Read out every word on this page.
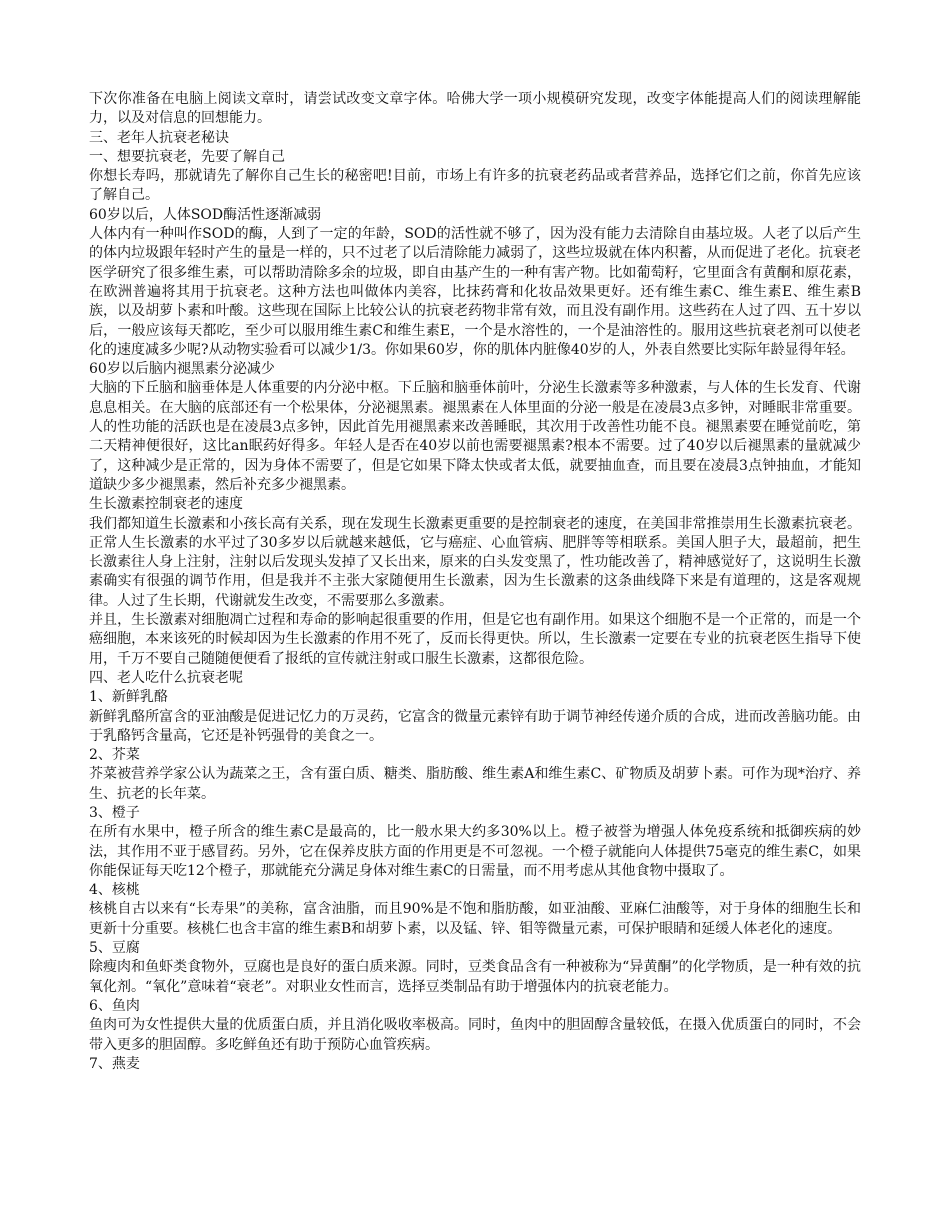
下次你准备在电脑上阅读文章时，请尝试改变文章字体。哈佛大学一项小规模研究发现，改变字体能提高人们的阅读理解能力，以及对信息的回想能力。

三、老年人抗衰老秘诀

一、想要抗衰老，先要了解自己

你想长寿吗，那就请先了解你自己生长的秘密吧!目前，市场上有许多的抗衰老药品或者营养品，选择它们之前，你首先应该了解自己。

60岁以后，人体SOD酶活性逐渐减弱

人体内有一种叫作SOD的酶，人到了一定的年龄，SOD的活性就不够了，因为没有能力去清除自由基垃圾。人老了以后产生的体内垃圾跟年轻时产生的量是一样的，只不过老了以后清除能力减弱了，这些垃圾就在体内积蓄，从而促进了老化。抗衰老医学研究了很多维生素，可以帮助清除多余的垃圾，即自由基产生的一种有害产物。比如葡萄籽，它里面含有黄酮和原花素，在欧洲普遍将其用于抗衰老。这种方法也叫做体内美容，比抹药膏和化妆品效果更好。还有维生素C、维生素E、维生素B族，以及胡萝卜素和叶酸。这些现在国际上比较公认的抗衰老药物非常有效，而且没有副作用。这些药在人过了四、五十岁以后，一般应该每天都吃，至少可以服用维生素C和维生素E，一个是水溶性的，一个是油溶性的。服用这些抗衰老剂可以使老化的速度减多少呢?从动物实验看可以减少1/3。你如果60岁，你的肌体内脏像40岁的人，外表自然要比实际年龄显得年轻。

60岁以后脑内褪黑素分泌减少

大脑的下丘脑和脑垂体是人体重要的内分泌中枢。下丘脑和脑垂体前叶，分泌生长激素等多种激素，与人体的生长发育、代谢息息相关。在大脑的底部还有一个松果体，分泌褪黑素。褪黑素在人体里面的分泌一般是在凌晨3点多钟，对睡眠非常重要。人的性功能的活跃也是在凌晨3点多钟，因此首先用褪黑素来改善睡眠，其次用于改善性功能不良。褪黑素要在睡觉前吃，第二天精神便很好，这比an眠药好得多。年轻人是否在40岁以前也需要褪黑素?根本不需要。过了40岁以后褪黑素的量就减少了，这种减少是正常的，因为身体不需要了，但是它如果下降太快或者太低，就要抽血查，而且要在凌晨3点钟抽血，才能知道缺少多少褪黑素，然后补充多少褪黑素。

生长激素控制衰老的速度

我们都知道生长激素和小孩长高有关系，现在发现生长激素更重要的是控制衰老的速度，在美国非常推崇用生长激素抗衰老。正常人生长激素的水平过了30多岁以后就越来越低，它与癌症、心血管病、肥胖等等相联系。美国人胆子大，最超前，把生长激素往人身上注射，注射以后发现头发掉了又长出来，原来的白头发变黑了，性功能改善了，精神感觉好了，这说明生长激素确实有很强的调节作用，但是我并不主张大家随便用生长激素，因为生长激素的这条曲线降下来是有道理的，这是客观规律。人过了生长期，代谢就发生改变，不需要那么多激素。

并且，生长激素对细胞凋亡过程和寿命的影响起很重要的作用，但是它也有副作用。如果这个细胞不是一个正常的，而是一个癌细胞，本来该死的时候却因为生长激素的作用不死了，反而长得更快。所以，生长激素一定要在专业的抗衰老医生指导下使用，千万不要自己随随便便看了报纸的宣传就注射或口服生长激素，这都很危险。

四、老人吃什么抗衰老呢

1、新鲜乳酪

新鲜乳酪所富含的亚油酸是促进记忆力的万灵药，它富含的微量元素锌有助于调节神经传递介质的合成，进而改善脑功能。由于乳酪钙含量高，它还是补钙强骨的美食之一。

2、芥菜

芥菜被营养学家公认为蔬菜之王，含有蛋白质、糖类、脂肪酸、维生素A和维生素C、矿物质及胡萝卜素。可作为现*治疗、养生、抗老的长年菜。

3、橙子

在所有水果中，橙子所含的维生素C是最高的，比一般水果大约多30%以上。橙子被誉为增强人体免疫系统和抵御疾病的妙法，其作用不亚于感冒药。另外，它在保养皮肤方面的作用更是不可忽视。一个橙子就能向人体提供75毫克的维生素C，如果你能保证每天吃12个橙子，那就能充分满足身体对维生素C的日需量，而不用考虑从其他食物中摄取了。

4、核桃

核桃自古以来有“长寿果”的美称，富含油脂，而且90%是不饱和脂肪酸，如亚油酸、亚麻仁油酸等，对于身体的细胞生长和更新十分重要。核桃仁也含丰富的维生素B和胡萝卜素，以及锰、锌、钼等微量元素，可保护眼睛和延缓人体老化的速度。

5、豆腐

除瘦肉和鱼虾类食物外，豆腐也是良好的蛋白质来源。同时，豆类食品含有一种被称为“异黄酮”的化学物质，是一种有效的抗氧化剂。“氧化”意味着“衰老”。对职业女性而言，选择豆类制品有助于增强体内的抗衰老能力。

6、鱼肉

鱼肉可为女性提供大量的优质蛋白质，并且消化吸收率极高。同时，鱼肉中的胆固醇含量较低，在摄入优质蛋白的同时，不会带入更多的胆固醇。多吃鲜鱼还有助于预防心血管疾病。

7、燕麦
